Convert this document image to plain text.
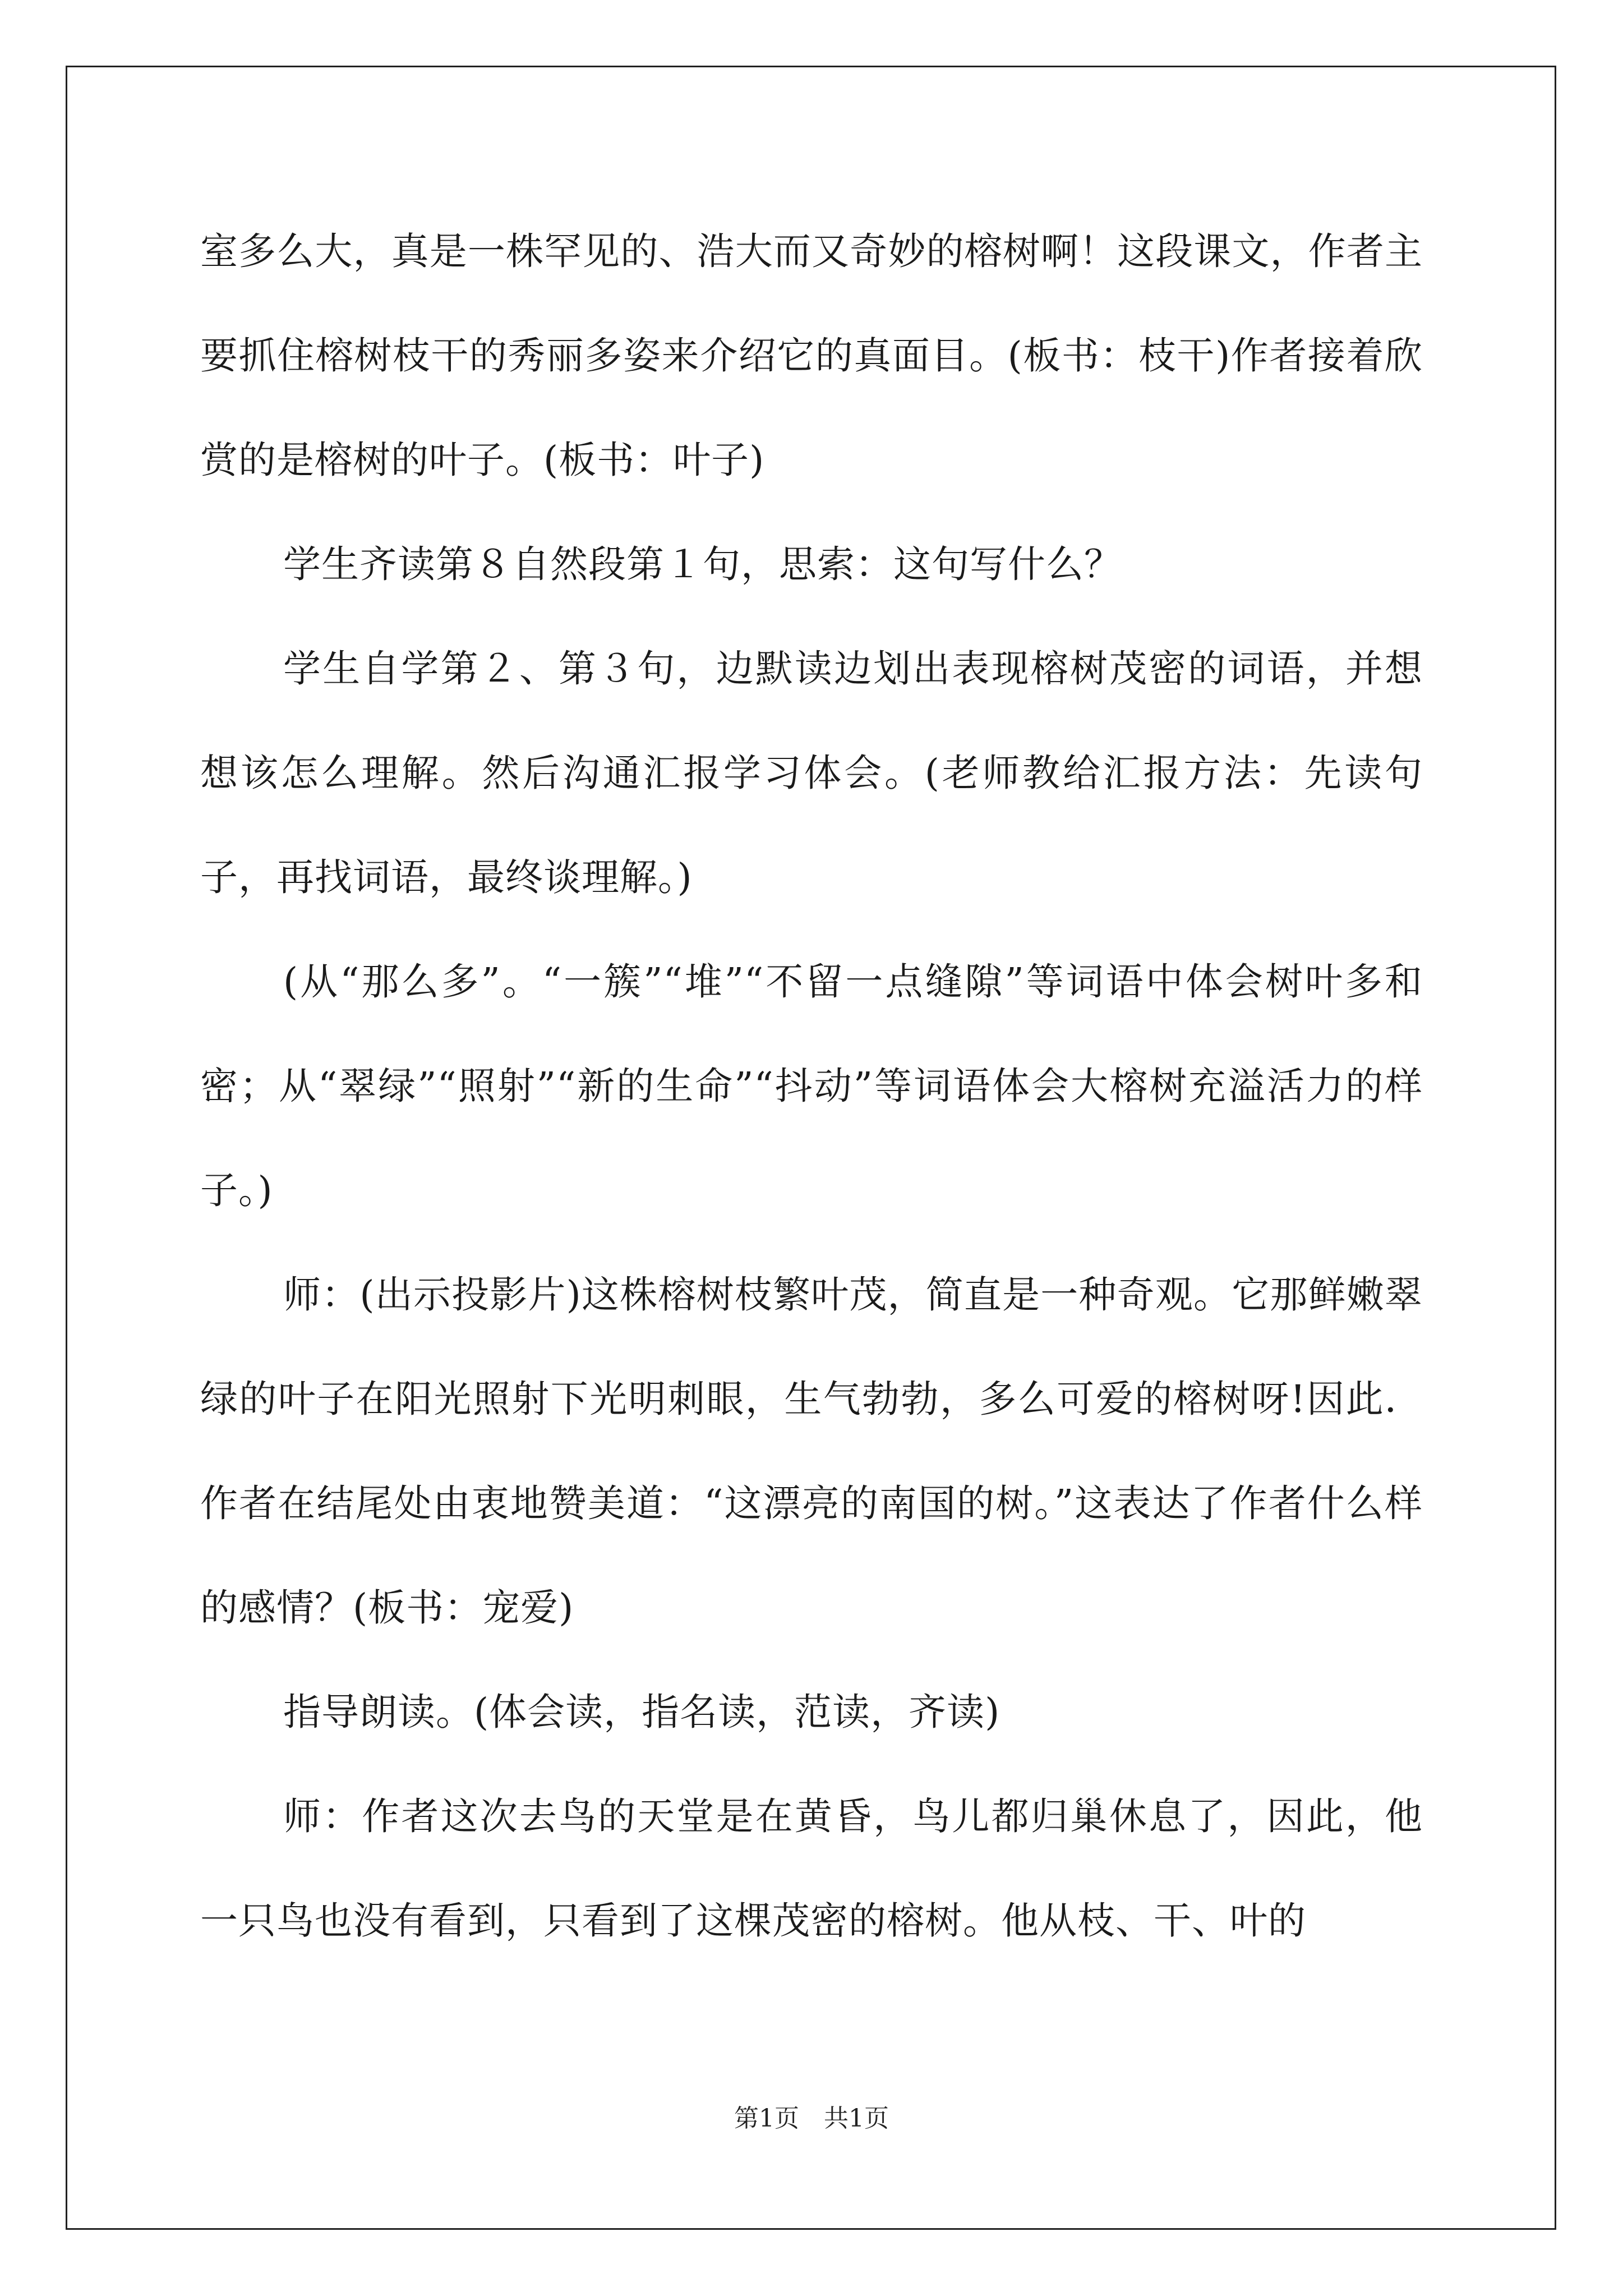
室多么大，真是一株罕见的、浩大而又奇妙的榕树啊！这段课文，作者主要抓住榕树枝干的秀丽多姿来介绍它的真面目。(板书：枝干)作者接着欣赏的是榕树的叶子。(板书：叶子)

学生齐读第８自然段第１句，思索：这句写什么？

学生自学第２、第３句，边默读边划出表现榕树茂密的词语，并想想该怎么理解。然后沟通汇报学习体会。(老师教给汇报方法：先读句子，再找词语，最终谈理解。)

(从“那么多”。“一簇”“堆”“不留一点缝隙”等词语中体会树叶多和密；从“翠绿”“照射”“新的生命”“抖动”等词语体会大榕树充溢活力的样子。)

师：(出示投影片)这株榕树枝繁叶茂，简直是一种奇观。它那鲜嫩翠绿的叶子在阳光照射下光明刺眼，生气勃勃，多么可爱的榕树呀!因此．作者在结尾处由衷地赞美道：“这漂亮的南国的树。”这表达了作者什么样的感情？(板书：宠爱)

指导朗读。(体会读，指名读，范读，齐读)

师：作者这次去鸟的天堂是在黄昏，鸟儿都归巢休息了，因此，他一只鸟也没有看到，只看到了这棵茂密的榕树。他从枝、干、叶的

第1页　共1页
